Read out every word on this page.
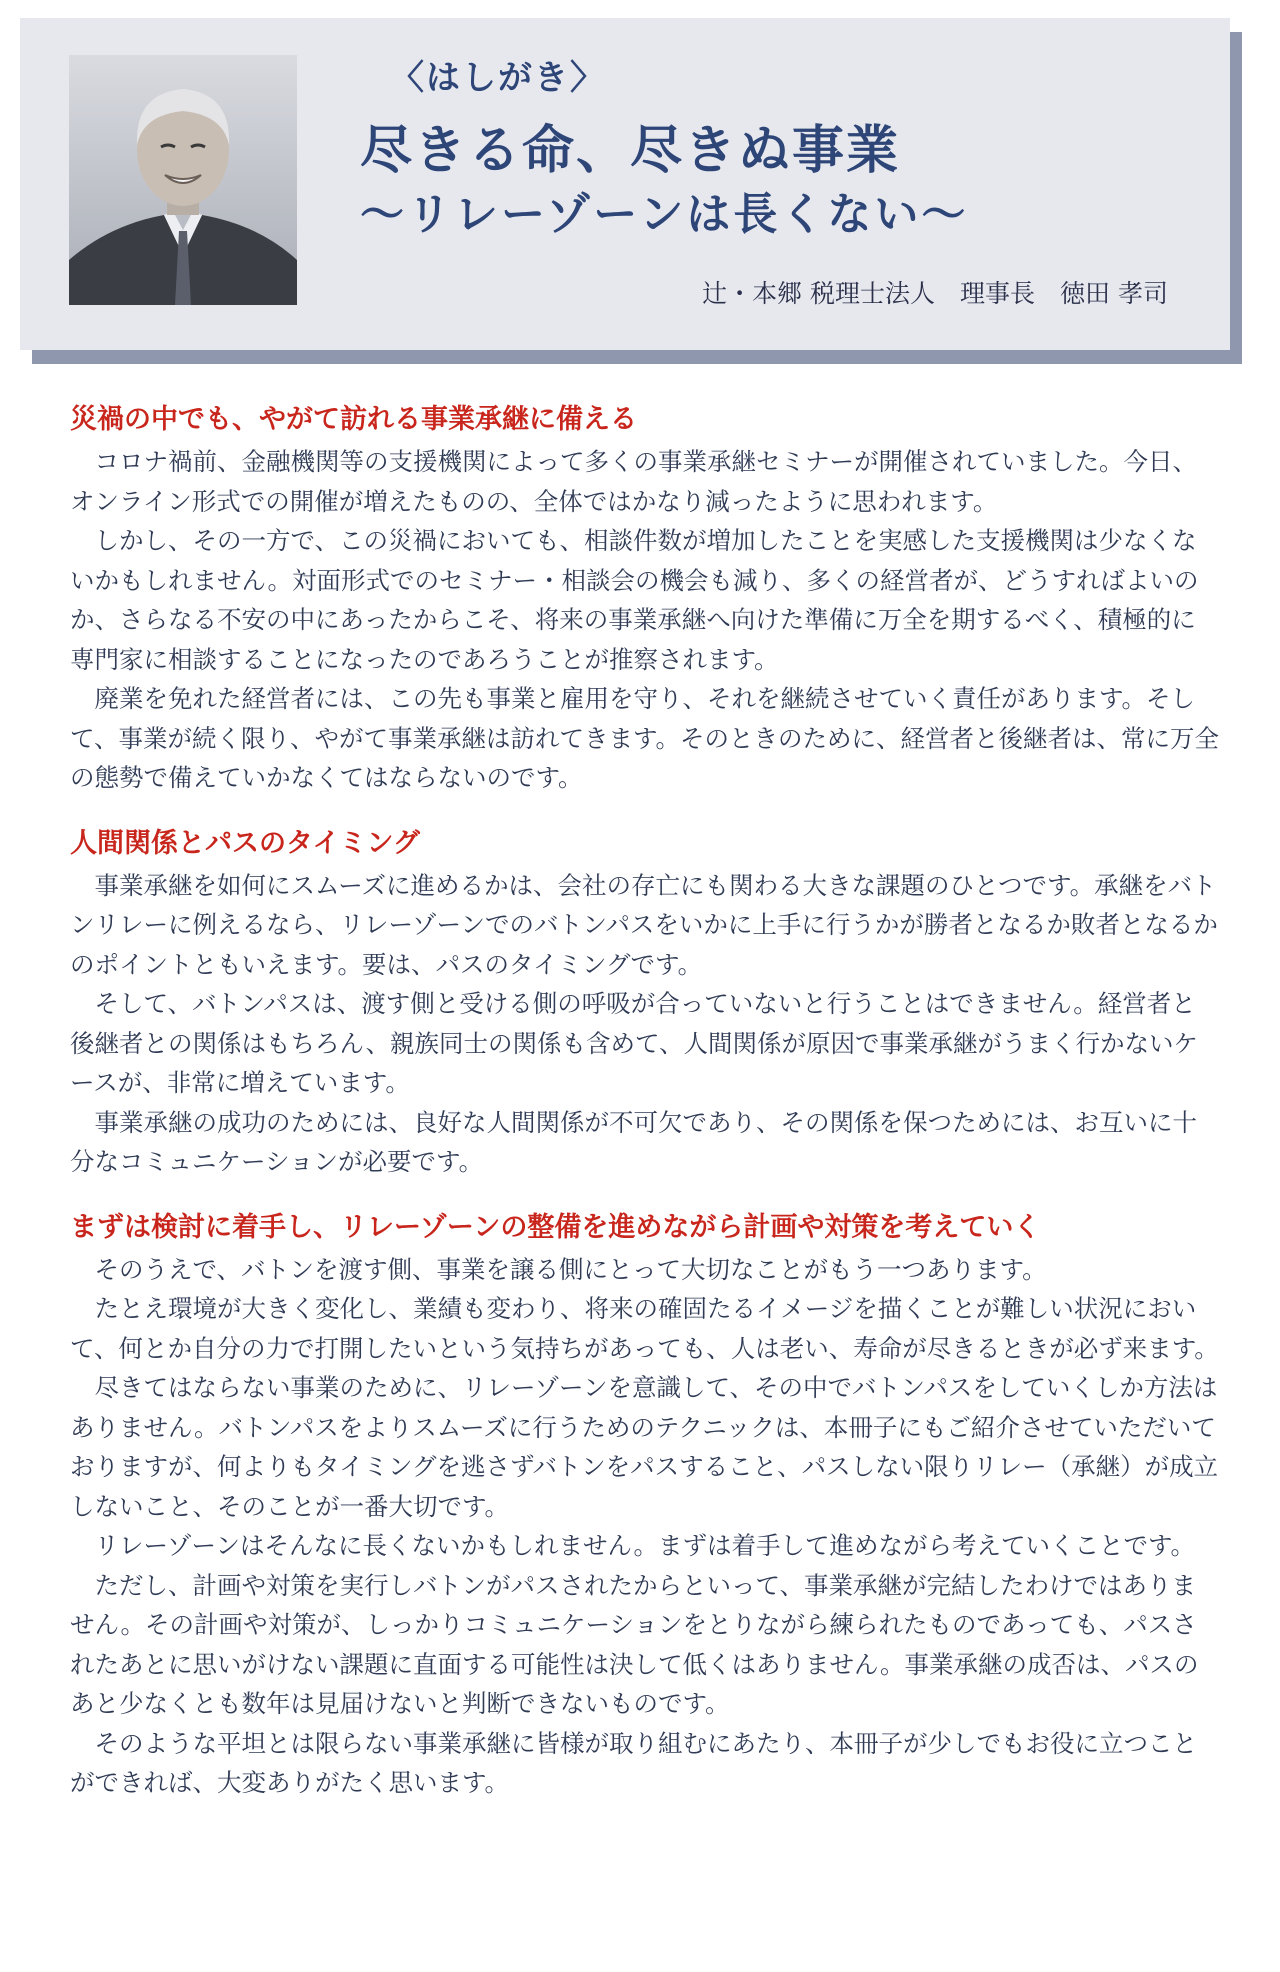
〈はしがき〉
尽きる命、尽きぬ事業
～リレーゾーンは長くない～
辻・本郷 税理士法人　理事長　徳田 孝司
災禍の中でも、やがて訪れる事業承継に備える

コロナ禍前、金融機関等の支援機関によって多くの事業承継セミナーが開催されていました。今日、オンライン形式での開催が増えたものの、全体ではかなり減ったように思われます。

しかし、その一方で、この災禍においても、相談件数が増加したことを実感した支援機関は少なくないかもしれません。対面形式でのセミナー・相談会の機会も減り、多くの経営者が、どうすればよいのか、さらなる不安の中にあったからこそ、将来の事業承継へ向けた準備に万全を期するべく、積極的に専門家に相談することになったのであろうことが推察されます。

廃業を免れた経営者には、この先も事業と雇用を守り、それを継続させていく責任があります。そして、事業が続く限り、やがて事業承継は訪れてきます。そのときのために、経営者と後継者は、常に万全の態勢で備えていかなくてはならないのです。

人間関係とパスのタイミング

事業承継を如何にスムーズに進めるかは、会社の存亡にも関わる大きな課題のひとつです。承継をバトンリレーに例えるなら、リレーゾーンでのバトンパスをいかに上手に行うかが勝者となるか敗者となるかのポイントともいえます。要は、パスのタイミングです。

そして、バトンパスは、渡す側と受ける側の呼吸が合っていないと行うことはできません。経営者と後継者との関係はもちろん、親族同士の関係も含めて、人間関係が原因で事業承継がうまく行かないケースが、非常に増えています。

事業承継の成功のためには、良好な人間関係が不可欠であり、その関係を保つためには、お互いに十分なコミュニケーションが必要です。

まずは検討に着手し、リレーゾーンの整備を進めながら計画や対策を考えていく

そのうえで、バトンを渡す側、事業を譲る側にとって大切なことがもう一つあります。

たとえ環境が大きく変化し、業績も変わり、将来の確固たるイメージを描くことが難しい状況において、何とか自分の力で打開したいという気持ちがあっても、人は老い、寿命が尽きるときが必ず来ます。

尽きてはならない事業のために、リレーゾーンを意識して、その中でバトンパスをしていくしか方法はありません。バトンパスをよりスムーズに行うためのテクニックは、本冊子にもご紹介させていただいておりますが、何よりもタイミングを逃さずバトンをパスすること、パスしない限りリレー（承継）が成立しないこと、そのことが一番大切です。

リレーゾーンはそんなに長くないかもしれません。まずは着手して進めながら考えていくことです。

ただし、計画や対策を実行しバトンがパスされたからといって、事業承継が完結したわけではありません。その計画や対策が、しっかりコミュニケーションをとりながら練られたものであっても、パスされたあとに思いがけない課題に直面する可能性は決して低くはありません。事業承継の成否は、パスのあと少なくとも数年は見届けないと判断できないものです。

そのような平坦とは限らない事業承継に皆様が取り組むにあたり、本冊子が少しでもお役に立つことができれば、大変ありがたく思います。
